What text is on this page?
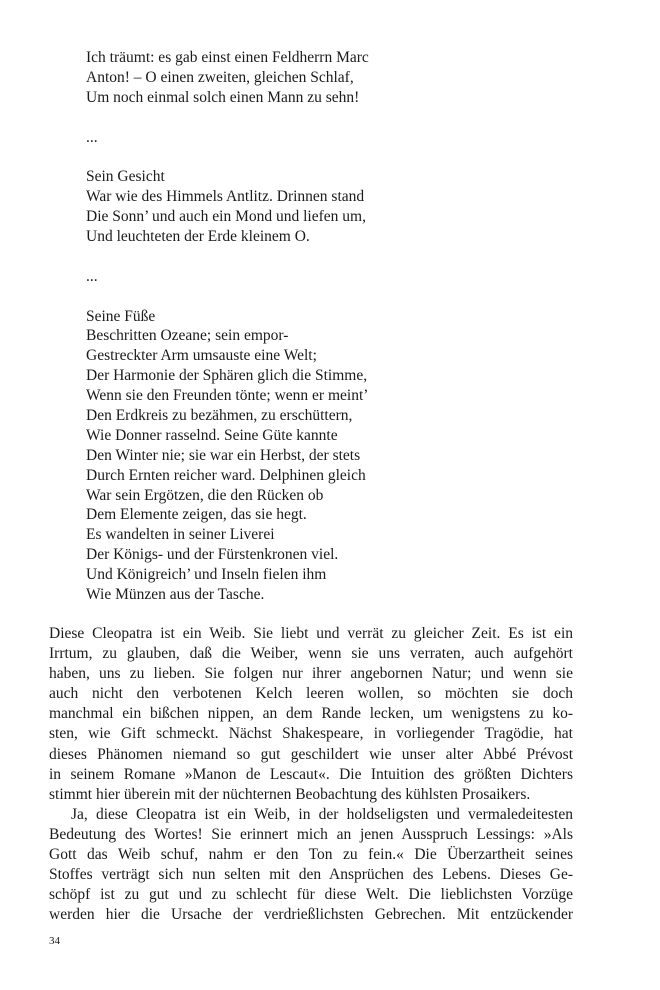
Ich träumt: es gab einst einen Feldherrn Marc
Anton! – O einen zweiten, gleichen Schlaf,
Um noch einmal solch einen Mann zu sehn!
...
Sein Gesicht
War wie des Himmels Antlitz. Drinnen stand
Die Sonn’ und auch ein Mond und liefen um,
Und leuchteten der Erde kleinem O.
...
Seine Füße
Beschritten Ozeane; sein empor-
Gestreckter Arm umsauste eine Welt;
Der Harmonie der Sphären glich die Stimme,
Wenn sie den Freunden tönte; wenn er meint’
Den Erdkreis zu bezähmen, zu erschüttern,
Wie Donner rasselnd. Seine Güte kannte
Den Winter nie; sie war ein Herbst, der stets
Durch Ernten reicher ward. Delphinen gleich
War sein Ergötzen, die den Rücken ob
Dem Elemente zeigen, das sie hegt.
Es wandelten in seiner Liverei
Der Königs- und der Fürstenkronen viel.
Und Königreich’ und Inseln fielen ihm
Wie Münzen aus der Tasche.
Diese Cleopatra ist ein Weib. Sie liebt und verrät zu gleicher Zeit. Es ist ein
Irrtum, zu glauben, daß die Weiber, wenn sie uns verraten, auch aufgehört
haben, uns zu lieben. Sie folgen nur ihrer angebornen Natur; und wenn sie
auch nicht den verbotenen Kelch leeren wollen, so möchten sie doch
manchmal ein bißchen nippen, an dem Rande lecken, um wenigstens zu ko-
sten, wie Gift schmeckt. Nächst Shakespeare, in vorliegender Tragödie, hat
dieses Phänomen niemand so gut geschildert wie unser alter Abbé Prévost
in seinem Romane »Manon de Lescaut«. Die Intuition des größten Dichters
stimmt hier überein mit der nüchternen Beobachtung des kühlsten Prosaikers.
Ja, diese Cleopatra ist ein Weib, in der holdseligsten und vermaledeitesten
Bedeutung des Wortes! Sie erinnert mich an jenen Ausspruch Lessings: »Als
Gott das Weib schuf, nahm er den Ton zu fein.« Die Überzartheit seines
Stoffes verträgt sich nun selten mit den Ansprüchen des Lebens. Dieses Ge-
schöpf ist zu gut und zu schlecht für diese Welt. Die lieblichsten Vorzüge
werden hier die Ursache der verdrießlichsten Gebrechen. Mit entzückender
34
